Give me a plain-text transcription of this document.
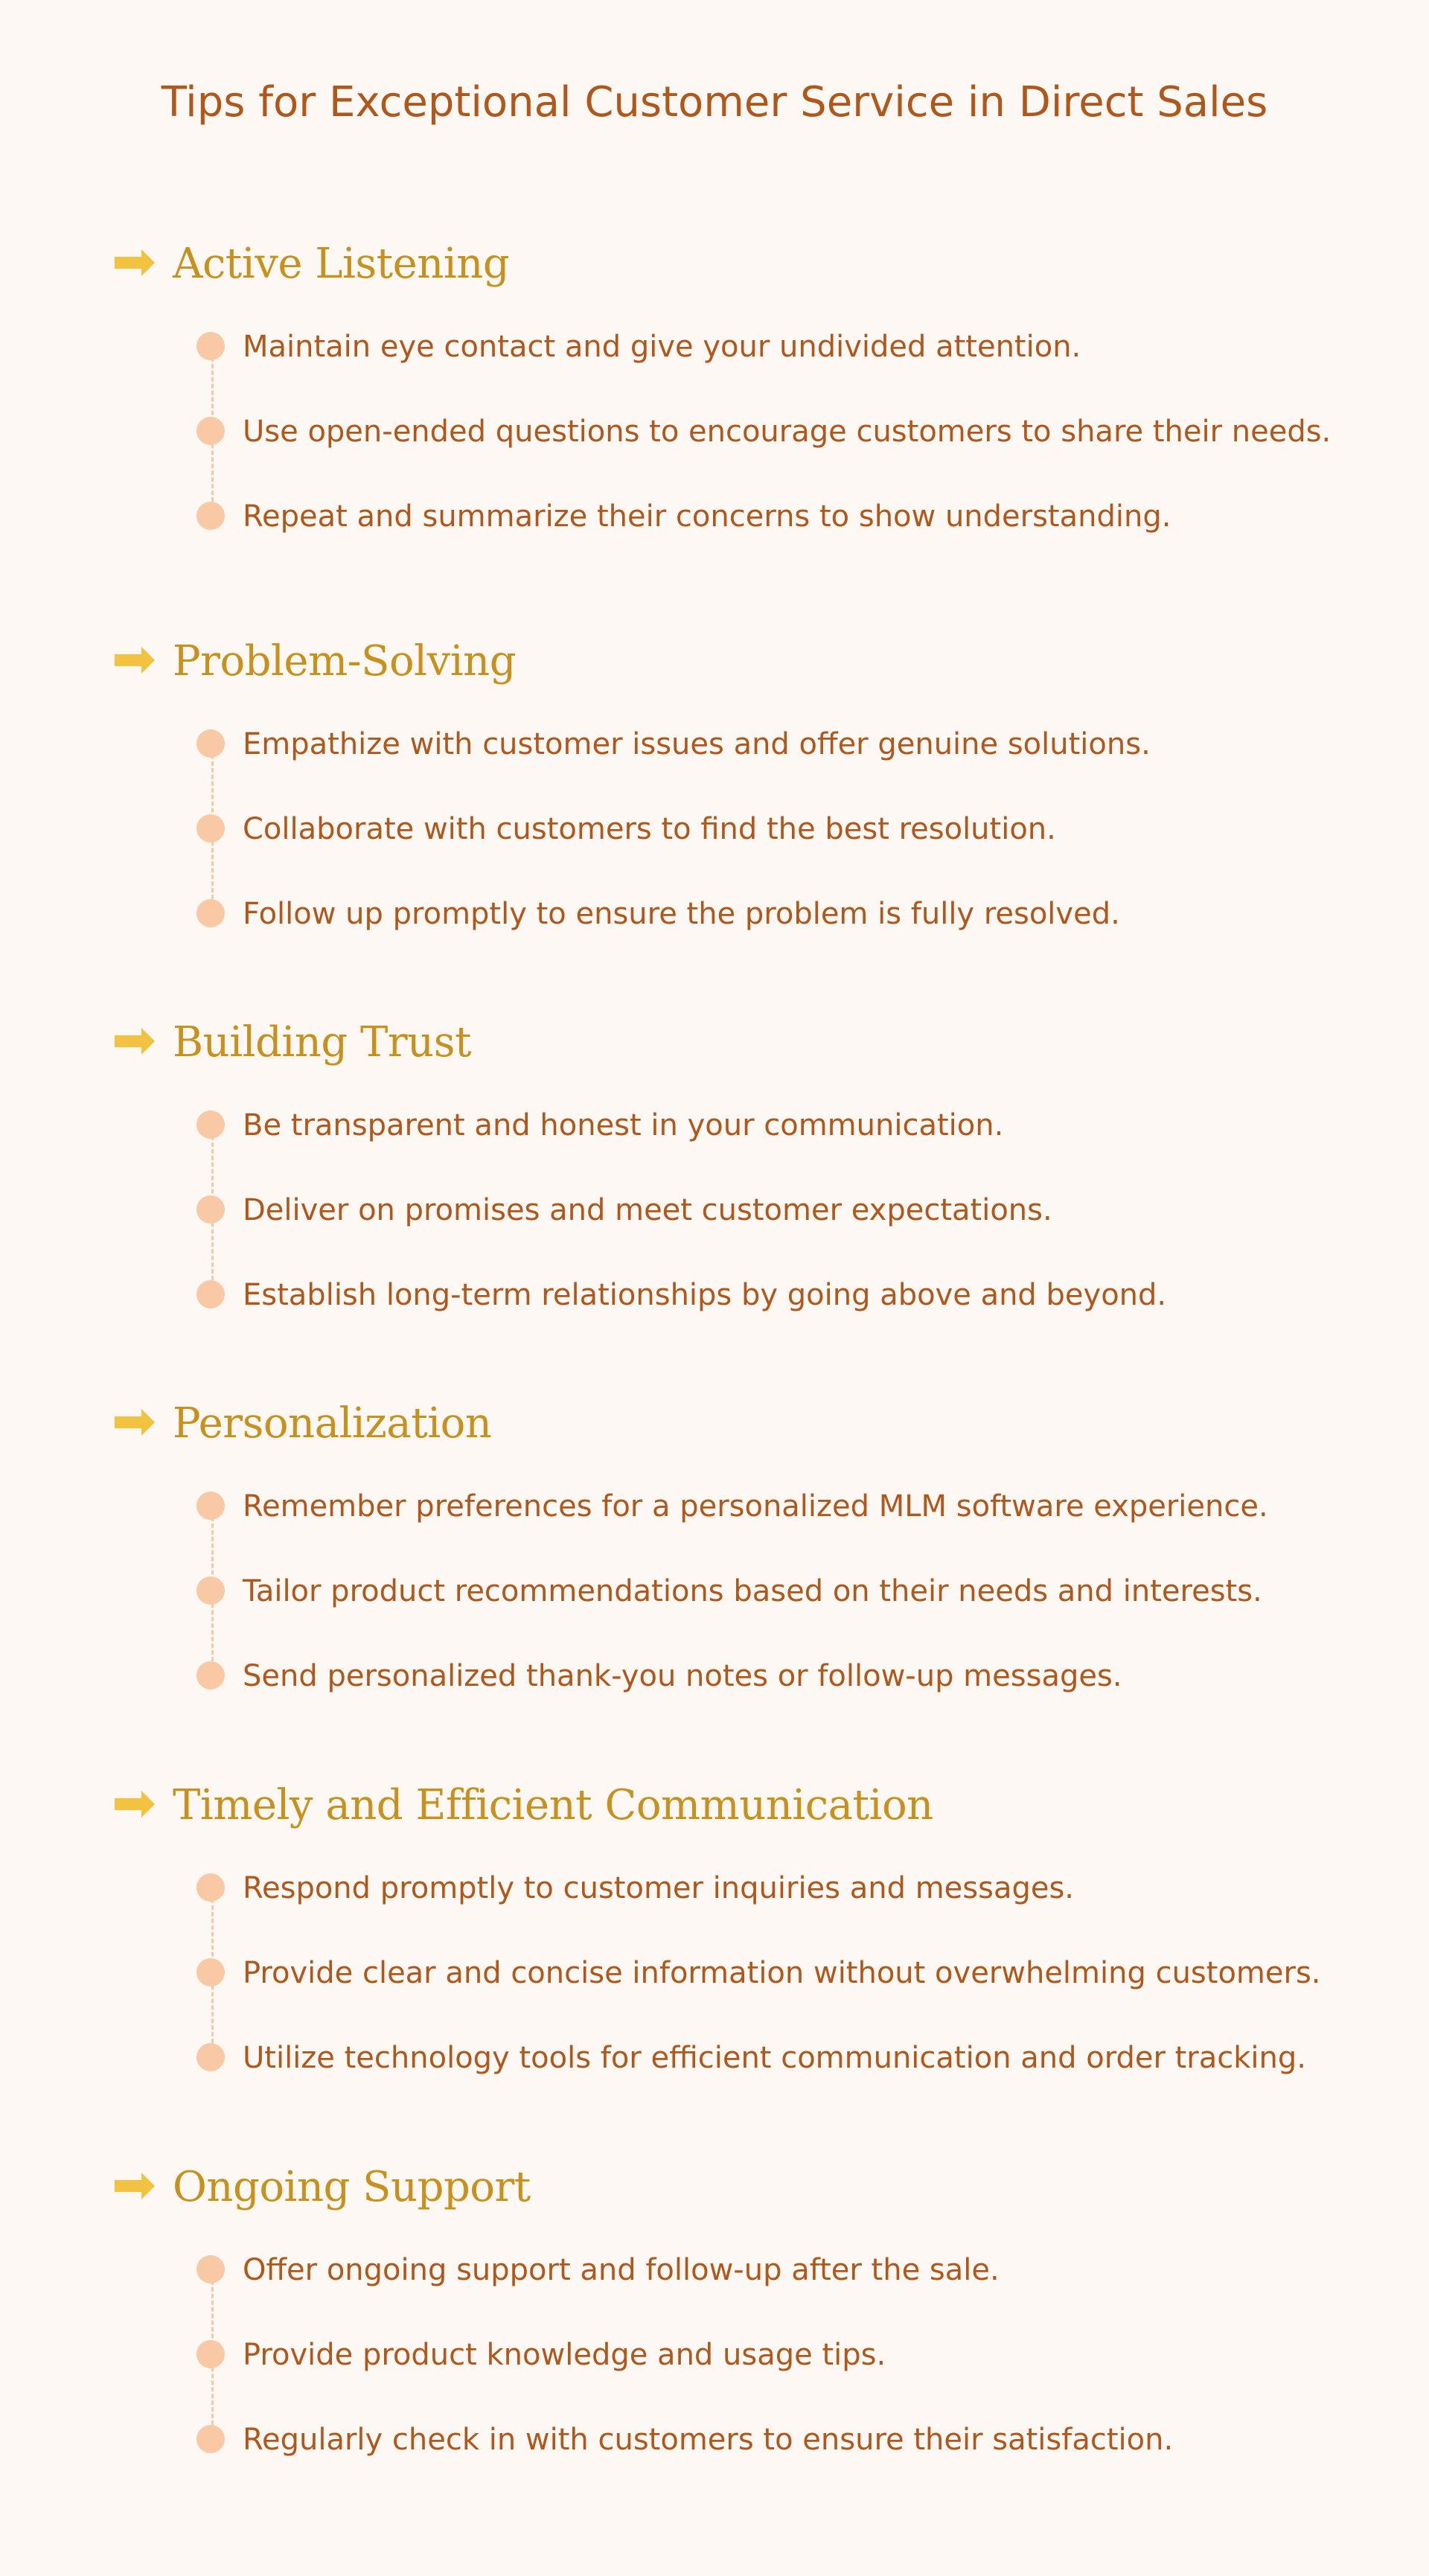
Tips for Exceptional Customer Service in Direct Sales
Active Listening
Maintain eye contact and give your undivided attention.
Use open-ended questions to encourage customers to share their needs.
Repeat and summarize their concerns to show understanding.
Problem-Solving
Empathize with customer issues and offer genuine solutions.
Collaborate with customers to find the best resolution.
Follow up promptly to ensure the problem is fully resolved.
Building Trust
Be transparent and honest in your communication.
Deliver on promises and meet customer expectations.
Establish long-term relationships by going above and beyond.
Personalization
Remember preferences for a personalized MLM software experience.
Tailor product recommendations based on their needs and interests.
Send personalized thank-you notes or follow-up messages.
Timely and Efficient Communication
Respond promptly to customer inquiries and messages.
Provide clear and concise information without overwhelming customers.
Utilize technology tools for efficient communication and order tracking.
Ongoing Support
Offer ongoing support and follow-up after the sale.
Provide product knowledge and usage tips.
Regularly check in with customers to ensure their satisfaction.
